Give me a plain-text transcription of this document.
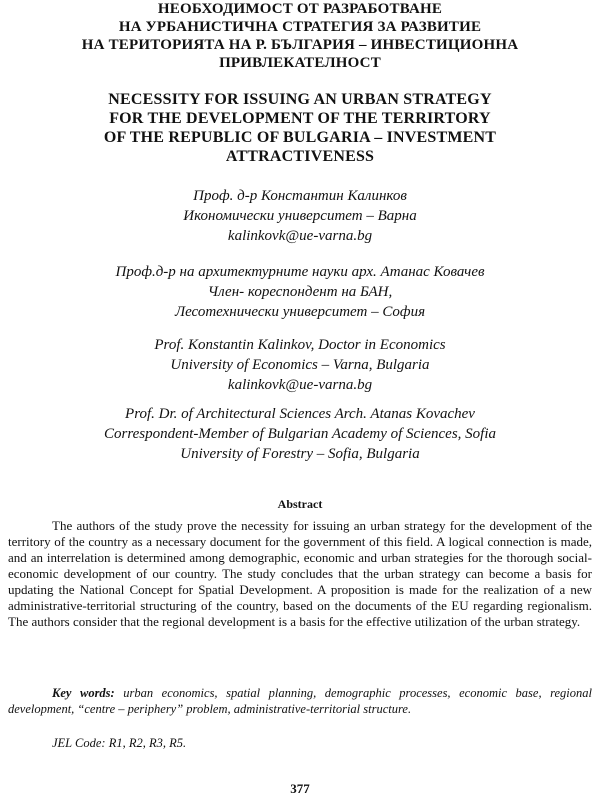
НЕОБХОДИМОСТ ОТ РАЗРАБОТВАНЕ
НА УРБАНИСТИЧНА СТРАТЕГИЯ ЗА РАЗВИТИЕ
НА ТЕРИТОРИЯТА НА Р. БЪЛГАРИЯ – ИНВЕСТИЦИОННА
ПРИВЛЕКАТЕЛНОСТ
NECESSITY FOR ISSUING AN URBAN STRATEGY
FOR THE DEVELOPMENT OF THE TERRIRTORY
OF THE REPUBLIC OF BULGARIA – INVESTMENT
ATTRACTIVENESS
Проф. д-р Константин Калинков
Икономически университет – Варна
kalinkovk@ue-varna.bg
Проф.д-р на архитектурните науки арх. Атанас Ковачев
Член- кореспондент на БАН,
Лесотехнически университет – София
Prof. Konstantin Kalinkov, Doctor in Economics
University of Economics – Varna, Bulgaria
kalinkovk@ue-varna.bg
Prof. Dr. of Architectural Sciences Arch. Atanas Kovachev
Correspondent-Member of Bulgarian Academy of Sciences, Sofia
University of Forestry – Sofia, Bulgaria
Abstract

The authors of the study prove the necessity for issuing an urban strategy for the development of the territory of the country as a necessary document for the government of this field. A logical connection is made, and an interrelation is determined among demographic, economic and urban strategies for the thorough social-economic development of our country. The study concludes that the urban strategy can become a basis for updating the National Concept for Spatial Development. A proposition is made for the realization of a new administrative-territorial structuring of the country, based on the documents of the EU regarding regionalism. The authors consider that the regional development is a basis for the effective utilization of the urban strategy.

Key words: urban economics, spatial planning, demographic processes, economic base, regional development, “centre – periphery” problem, administrative-territorial structure.

JEL Code: R1, R2, R3, R5.
377
